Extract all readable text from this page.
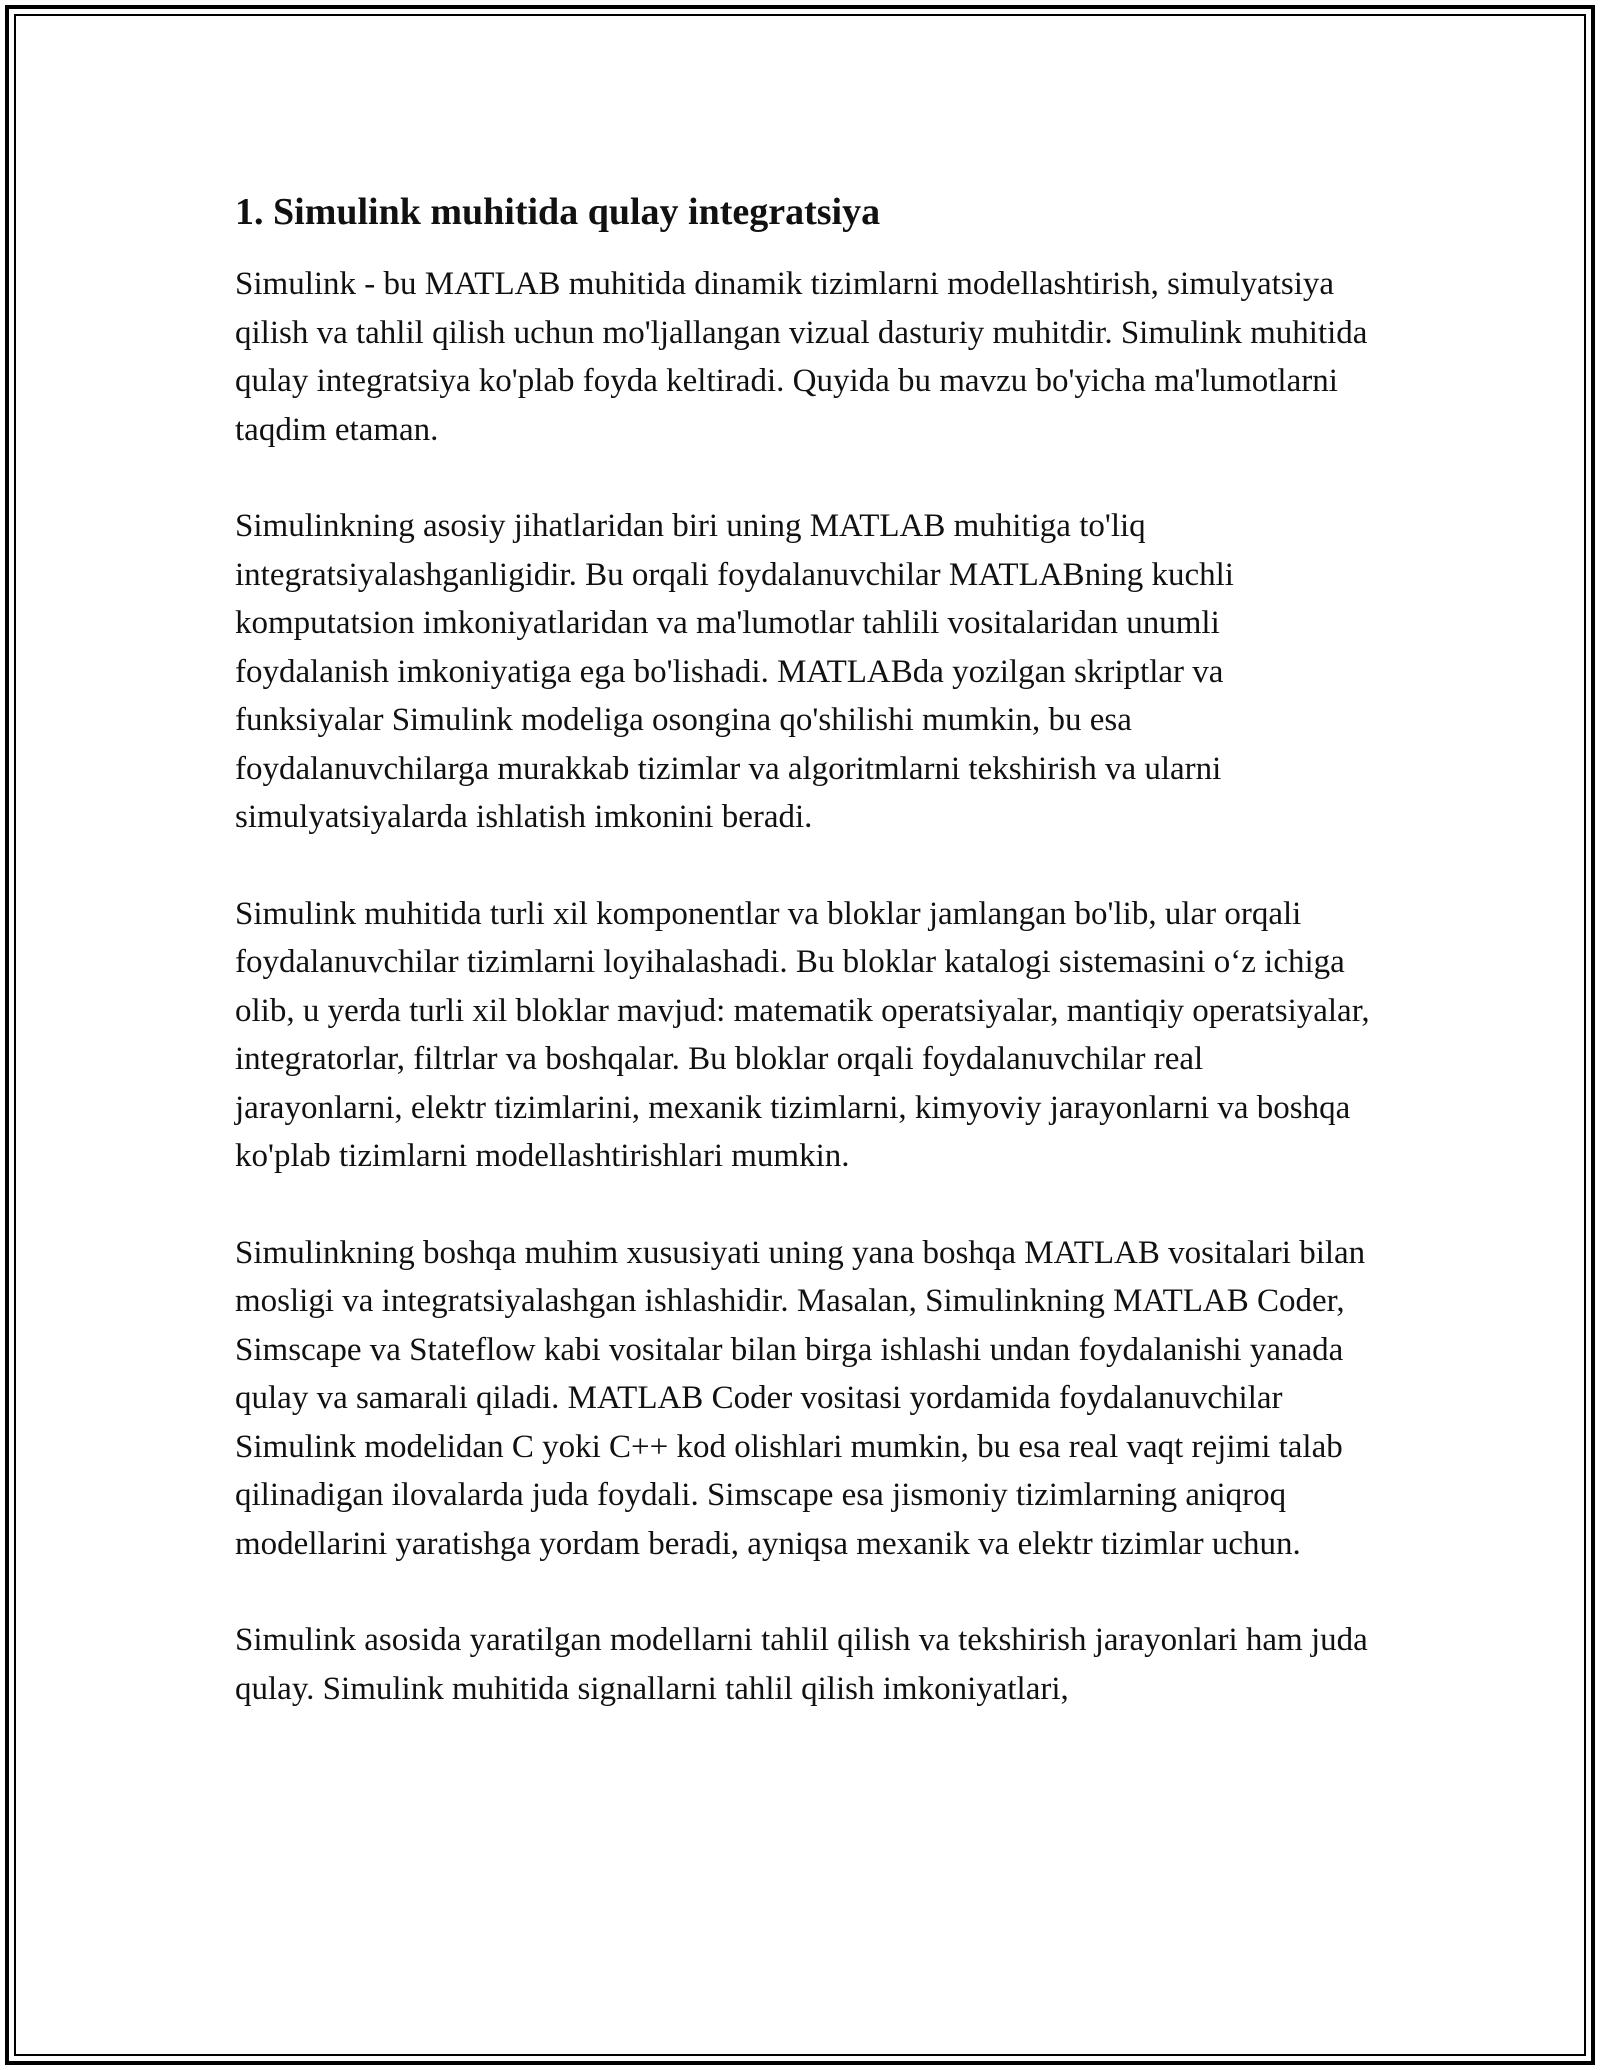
1. Simulink muhitida qulay integratsiya

Simulink - bu MATLAB muhitida dinamik tizimlarni modellashtirish, simulyatsiya qilish va tahlil qilish uchun mo'ljallangan vizual dasturiy muhitdir. Simulink muhitida qulay integratsiya ko'plab foyda keltiradi. Quyida bu mavzu bo'yicha ma'lumotlarni taqdim etaman.

Simulinkning asosiy jihatlaridan biri uning MATLAB muhitiga to'liq integratsiyalashganligidir. Bu orqali foydalanuvchilar MATLABning kuchli komputatsion imkoniyatlaridan va ma'lumotlar tahlili vositalaridan unumli foydalanish imkoniyatiga ega bo'lishadi. MATLABda yozilgan skriptlar va funksiyalar Simulink modeliga osongina qo'shilishi mumkin, bu esa foydalanuvchilarga murakkab tizimlar va algoritmlarni tekshirish va ularni simulyatsiyalarda ishlatish imkonini beradi.

Simulink muhitida turli xil komponentlar va bloklar jamlangan bo'lib, ular orqali foydalanuvchilar tizimlarni loyihalashadi. Bu bloklar katalogi sistemasini oʻz ichiga olib, u yerda turli xil bloklar mavjud: matematik operatsiyalar, mantiqiy operatsiyalar, integratorlar, filtrlar va boshqalar. Bu bloklar orqali foydalanuvchilar real jarayonlarni, elektr tizimlarini, mexanik tizimlarni, kimyoviy jarayonlarni va boshqa ko'plab tizimlarni modellashtirishlari mumkin.

Simulinkning boshqa muhim xususiyati uning yana boshqa MATLAB vositalari bilan mosligi va integratsiyalashgan ishlashidir. Masalan, Simulinkning MATLAB Coder, Simscape va Stateflow kabi vositalar bilan birga ishlashi undan foydalanishi yanada qulay va samarali qiladi. MATLAB Coder vositasi yordamida foydalanuvchilar Simulink modelidan C yoki C++ kod olishlari mumkin, bu esa real vaqt rejimi talab qilinadigan ilovalarda juda foydali. Simscape esa jismoniy tizimlarning aniqroq modellarini yaratishga yordam beradi, ayniqsa mexanik va elektr tizimlar uchun.

Simulink asosida yaratilgan modellarni tahlil qilish va tekshirish jarayonlari ham juda qulay. Simulink muhitida signallarni tahlil qilish imkoniyatlari,
